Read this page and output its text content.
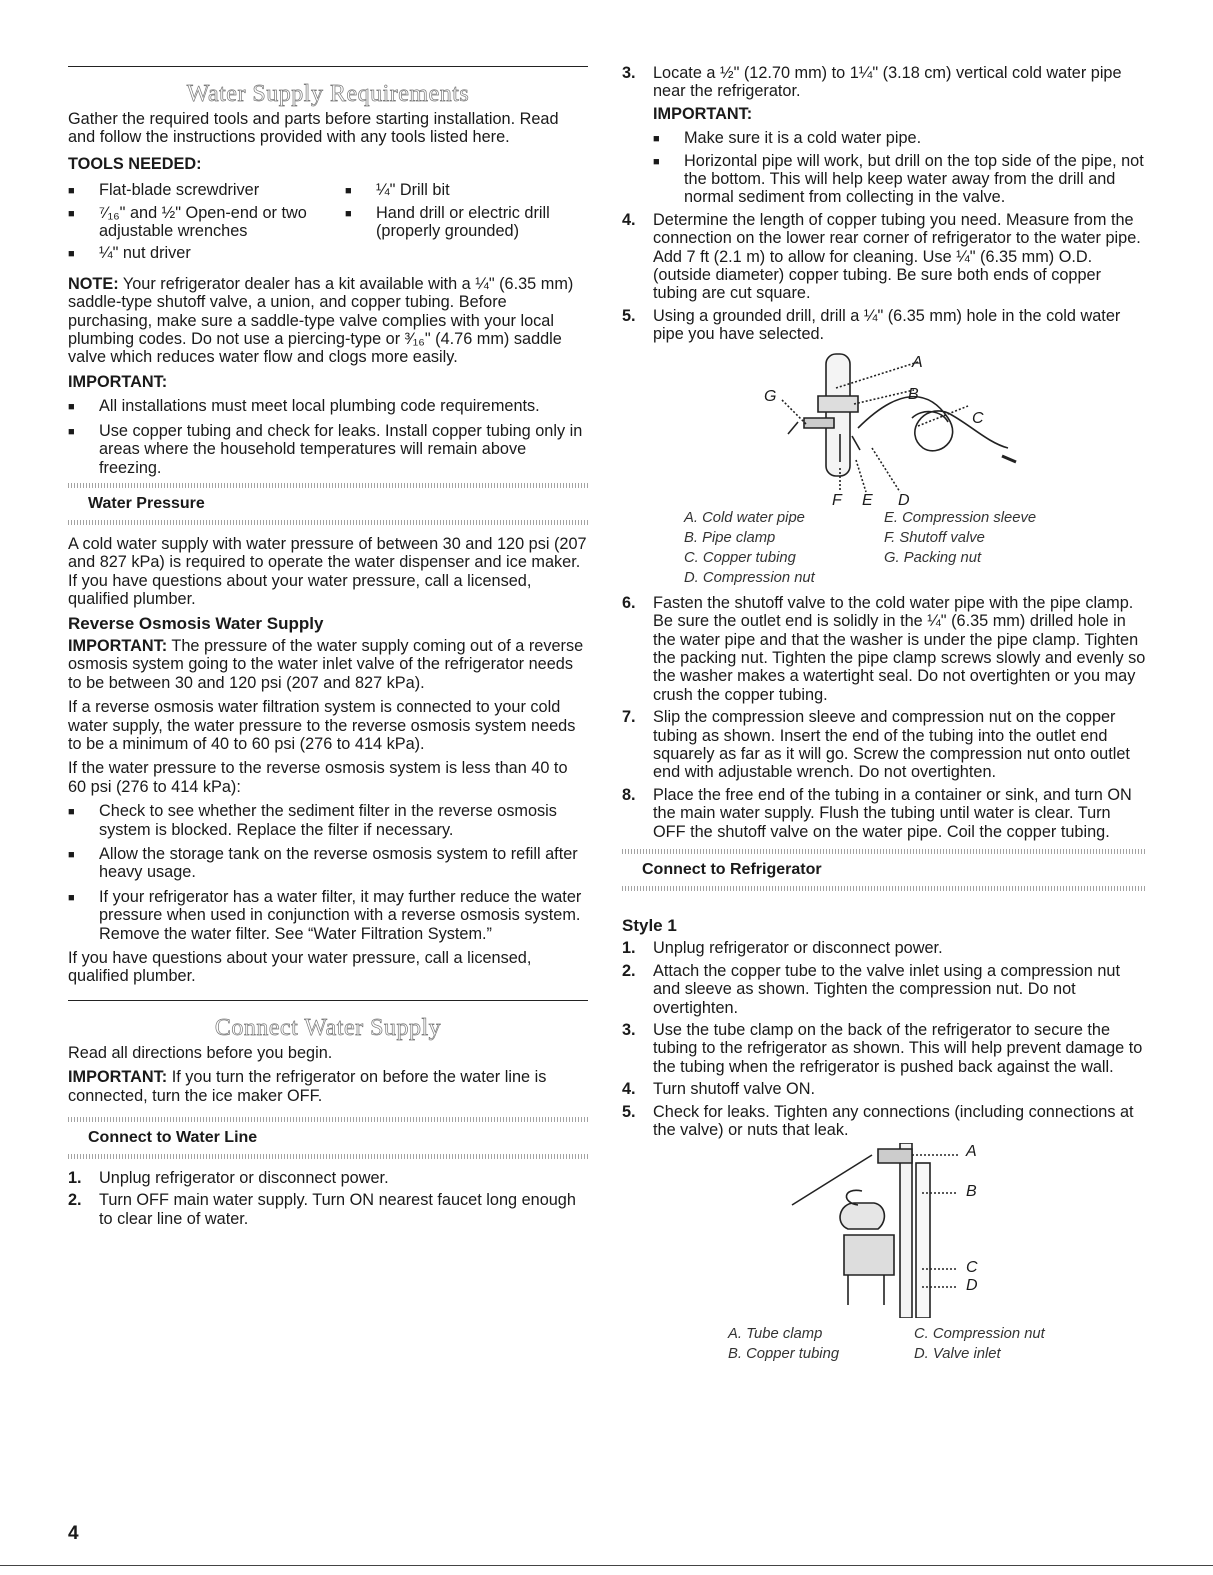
Water Supply Requirements

Gather the required tools and parts before starting installation. Read and follow the instructions provided with any tools listed here.

TOOLS NEEDED:

■ Flat-blade screwdriver
■	¼" Drill bit
■ ⁷⁄₁₆" and ½" Open-end or two adjustable wrenches
■ Hand drill or electric drill (properly grounded)
■ ¼" nut driver

NOTE: Your refrigerator dealer has a kit available with a ¼" (6.35 mm) saddle-type shutoff valve, a union, and copper tubing. Before purchasing, make sure a saddle-type valve complies with your local plumbing codes. Do not use a piercing-type or ³⁄₁₆" (4.76 mm) saddle valve which reduces water flow and clogs more easily.

IMPORTANT:

■ All installations must meet local plumbing code requirements.
■ Use copper tubing and check for leaks. Install copper tubing only in areas where the household temperatures will remain above freezing.
Water Pressure

A cold water supply with water pressure of between 30 and 120 psi (207 and 827 kPa) is required to operate the water dispenser and ice maker. If you have questions about your water pressure, call a licensed, qualified plumber.

Reverse Osmosis Water Supply

IMPORTANT: The pressure of the water supply coming out of a reverse osmosis system going to the water inlet valve of the refrigerator needs to be between 30 and 120 psi (207 and 827 kPa).

If a reverse osmosis water filtration system is connected to your cold water supply, the water pressure to the reverse osmosis system needs to be a minimum of 40 to 60 psi (276 to 414 kPa).

If the water pressure to the reverse osmosis system is less than 40 to 60 psi (276 to 414 kPa):

■ Check to see whether the sediment filter in the reverse osmosis system is blocked. Replace the filter if necessary.
■ Allow the storage tank on the reverse osmosis system to refill after heavy usage.
■ If your refrigerator has a water filter, it may further reduce the water pressure when used in conjunction with a reverse osmosis system. Remove the water filter. See “Water Filtration System.”

If you have questions about your water pressure, call a licensed, qualified plumber.

Connect Water Supply

Read all directions before you begin.

IMPORTANT: If you turn the refrigerator on before the water line is connected, turn the ice maker OFF.

Connect to Water Line
1. Unplug refrigerator or disconnect power.
2. Turn OFF main water supply. Turn ON nearest faucet long enough to clear line of water.
3. Locate a ½" (12.70 mm) to 1¼" (3.18 cm) vertical cold water pipe near the refrigerator.

IMPORTANT:

■ Make sure it is a cold water pipe.
■ Horizontal pipe will work, but drill on the top side of the pipe, not the bottom. This will help keep water away from the drill and normal sediment from collecting in the valve.
4. Determine the length of copper tubing you need. Measure from the connection on the lower rear corner of refrigerator to the water pipe. Add 7 ft (2.1 m) to allow for cleaning. Use ¼" (6.35 mm) O.D. (outside diameter) copper tubing. Be sure both ends of copper tubing are cut square.
5. Using a grounded drill, drill a ¼" (6.35 mm) hole in the cold water pipe you have selected.
A
B
C
D
E
F
G
A. Cold water pipe	E. Compression sleeve
B. Pipe clamp	F. Shutoff valve
C. Copper tubing	G. Packing nut
D. Compression nut
6. Fasten the shutoff valve to the cold water pipe with the pipe clamp. Be sure the outlet end is solidly in the ¼" (6.35 mm) drilled hole in the water pipe and that the washer is under the pipe clamp. Tighten the packing nut. Tighten the pipe clamp screws slowly and evenly so the washer makes a watertight seal. Do not overtighten or you may crush the copper tubing.
7. Slip the compression sleeve and compression nut on the copper tubing as shown. Insert the end of the tubing into the outlet end squarely as far as it will go. Screw the compression nut onto outlet end with adjustable wrench. Do not overtighten.
8. Place the free end of the tubing in a container or sink, and turn ON the main water supply. Flush the tubing until water is clear. Turn OFF the shutoff valve on the water pipe. Coil the copper tubing.
Connect to Refrigerator

Style 1

1. Unplug refrigerator or disconnect power.
2. Attach the copper tube to the valve inlet using a compression nut and sleeve as shown. Tighten the compression nut. Do not overtighten.
3. Use the tube clamp on the back of the refrigerator to secure the tubing to the refrigerator as shown. This will help prevent damage to the tubing when the refrigerator is pushed back against the wall.
4. Turn shutoff valve ON.
5. Check for leaks. Tighten any connections (including connections at the valve) or nuts that leak.
A
B
C
D
A. Tube clamp	C. Compression nut
B. Copper tubing	D. Valve inlet
4
